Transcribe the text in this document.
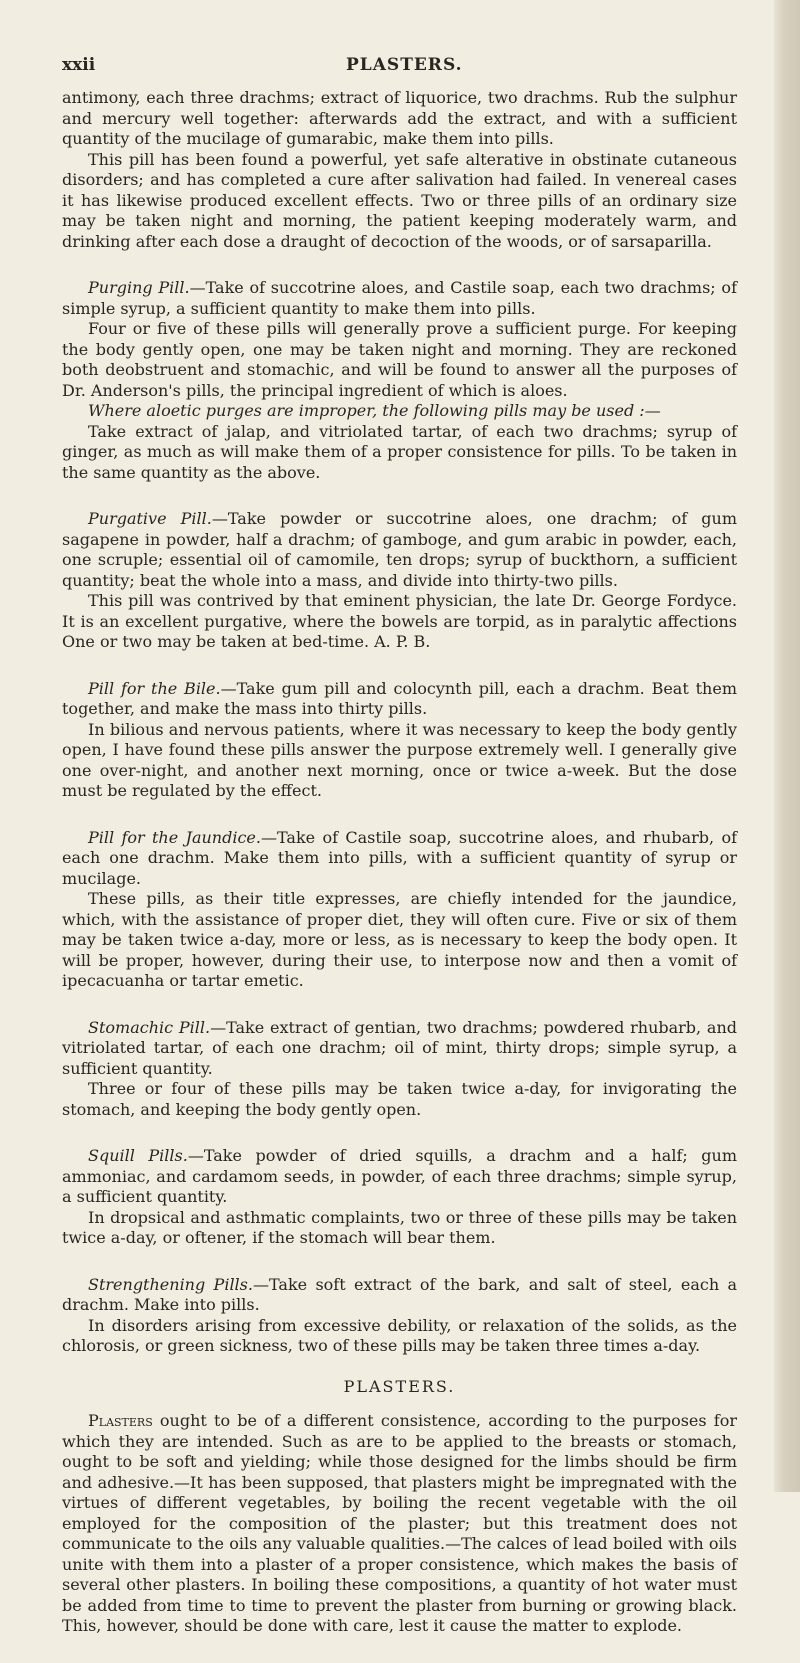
xxii	PLASTERS.

antimony, each three drachms; extract of liquorice, two drachms. Rub the sulphur and mercury well together: afterwards add the extract, and with a sufficient quantity of the mucilage of gumarabic, make them into pills.

This pill has been found a powerful, yet safe alterative in obstinate cutaneous disorders; and has completed a cure after salivation had failed. In venereal cases it has likewise produced excellent effects. Two or three pills of an ordinary size may be taken night and morning, the patient keeping moderately warm, and drinking after each dose a draught of decoction of the woods, or of sarsaparilla.

Purging Pill.—Take of succotrine aloes, and Castile soap, each two drachms; of simple syrup, a sufficient quantity to make them into pills.

Four or five of these pills will generally prove a sufficient purge. For keeping the body gently open, one may be taken night and morning. They are reckoned both deobstruent and stomachic, and will be found to answer all the purposes of Dr. Anderson's pills, the principal ingredient of which is aloes.

Where aloetic purges are improper, the following pills may be used :—

Take extract of jalap, and vitriolated tartar, of each two drachms; syrup of ginger, as much as will make them of a proper consistence for pills. To be taken in the same quantity as the above.

Purgative Pill.—Take powder or succotrine aloes, one drachm; of gum sagapene in powder, half a drachm; of gamboge, and gum arabic in powder, each, one scruple; essential oil of camomile, ten drops; syrup of buckthorn, a sufficient quantity; beat the whole into a mass, and divide into thirty-two pills.

This pill was contrived by that eminent physician, the late Dr. George Fordyce. It is an excellent purgative, where the bowels are torpid, as in paralytic affections One or two may be taken at bed-time. A. P. B.

Pill for the Bile.—Take gum pill and colocynth pill, each a drachm. Beat them together, and make the mass into thirty pills.

In bilious and nervous patients, where it was necessary to keep the body gently open, I have found these pills answer the purpose extremely well. I generally give one over-night, and another next morning, once or twice a-week. But the dose must be regulated by the effect.

Pill for the Jaundice.—Take of Castile soap, succotrine aloes, and rhubarb, of each one drachm. Make them into pills, with a sufficient quantity of syrup or mucilage.

These pills, as their title expresses, are chiefly intended for the jaundice, which, with the assistance of proper diet, they will often cure. Five or six of them may be taken twice a-day, more or less, as is necessary to keep the body open. It will be proper, however, during their use, to interpose now and then a vomit of ipecacuanha or tartar emetic.

Stomachic Pill.—Take extract of gentian, two drachms; powdered rhubarb, and vitriolated tartar, of each one drachm; oil of mint, thirty drops; simple syrup, a sufficient quantity.

Three or four of these pills may be taken twice a-day, for invigorating the stomach, and keeping the body gently open.

Squill Pills.—Take powder of dried squills, a drachm and a half; gum ammoniac, and cardamom seeds, in powder, of each three drachms; simple syrup, a sufficient quantity.

In dropsical and asthmatic complaints, two or three of these pills may be taken twice a-day, or oftener, if the stomach will bear them.

Strengthening Pills.—Take soft extract of the bark, and salt of steel, each a drachm. Make into pills.

In disorders arising from excessive debility, or relaxation of the solids, as the chlorosis, or green sickness, two of these pills may be taken three times a-day.

PLASTERS.

Plasters ought to be of a different consistence, according to the purposes for which they are intended. Such as are to be applied to the breasts or stomach, ought to be soft and yielding; while those designed for the limbs should be firm and adhesive.—It has been supposed, that plasters might be impregnated with the virtues of different vegetables, by boiling the recent vegetable with the oil employed for the composition of the plaster; but this treatment does not communicate to the oils any valuable qualities.—The calces of lead boiled with oils unite with them into a plaster of a proper consistence, which makes the basis of several other plasters. In boiling these compositions, a quantity of hot water must be added from time to time to prevent the plaster from burning or growing black. This, however, should be done with care, lest it cause the matter to explode.
